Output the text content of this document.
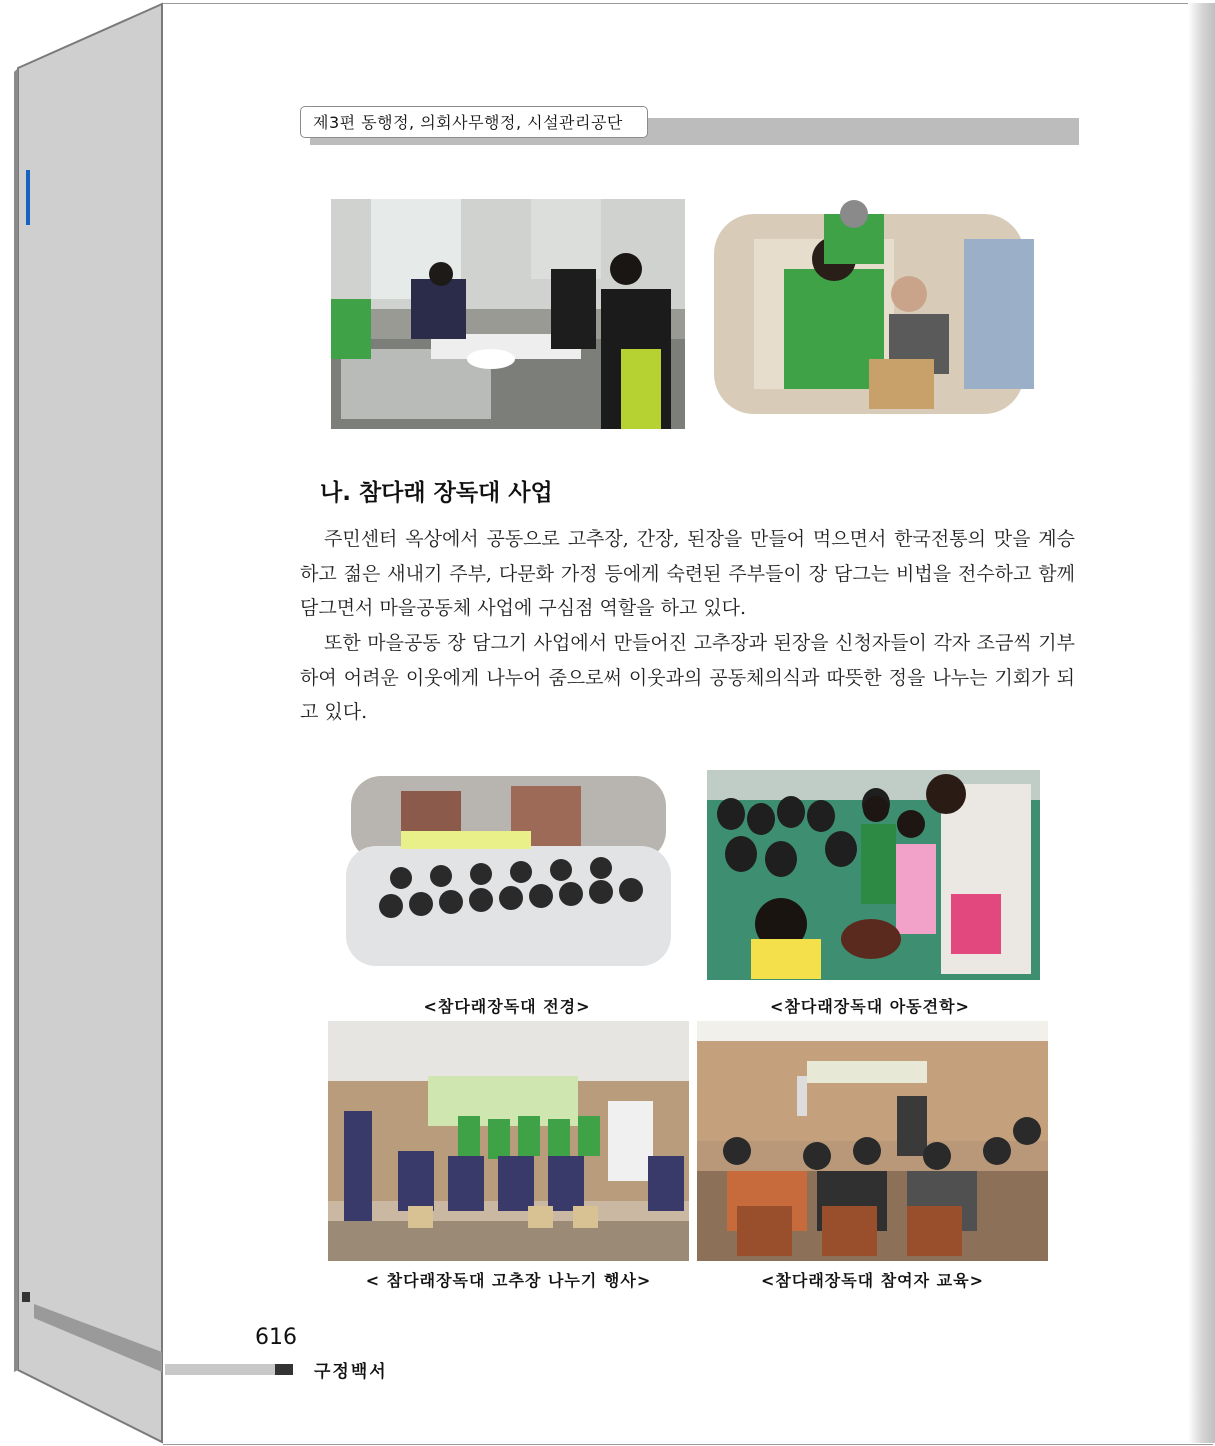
제3편 동행정, 의회사무행정, 시설관리공단
나. 참다래 장독대 사업

주민센터 옥상에서 공동으로 고추장, 간장, 된장을 만들어 먹으면서 한국전통의 맛을 계승하고 젊은 새내기 주부, 다문화 가정 등에게 숙련된 주부들이 장 담그는 비법을 전수하고 함께 담그면서 마을공동체 사업에 구심점 역할을 하고 있다.

또한 마을공동 장 담그기 사업에서 만들어진 고추장과 된장을 신청자들이 각자 조금씩 기부하여 어려운 이웃에게 나누어 줌으로써 이웃과의 공동체의식과 따뜻한 정을 나누는 기회가 되고 있다.

<참다래장독대 전경>	<참다래장독대 아동견학>
< 참다래장독대 고추장 나누기 행사>	<참다래장독대 참여자 교육>
616
구정백서
